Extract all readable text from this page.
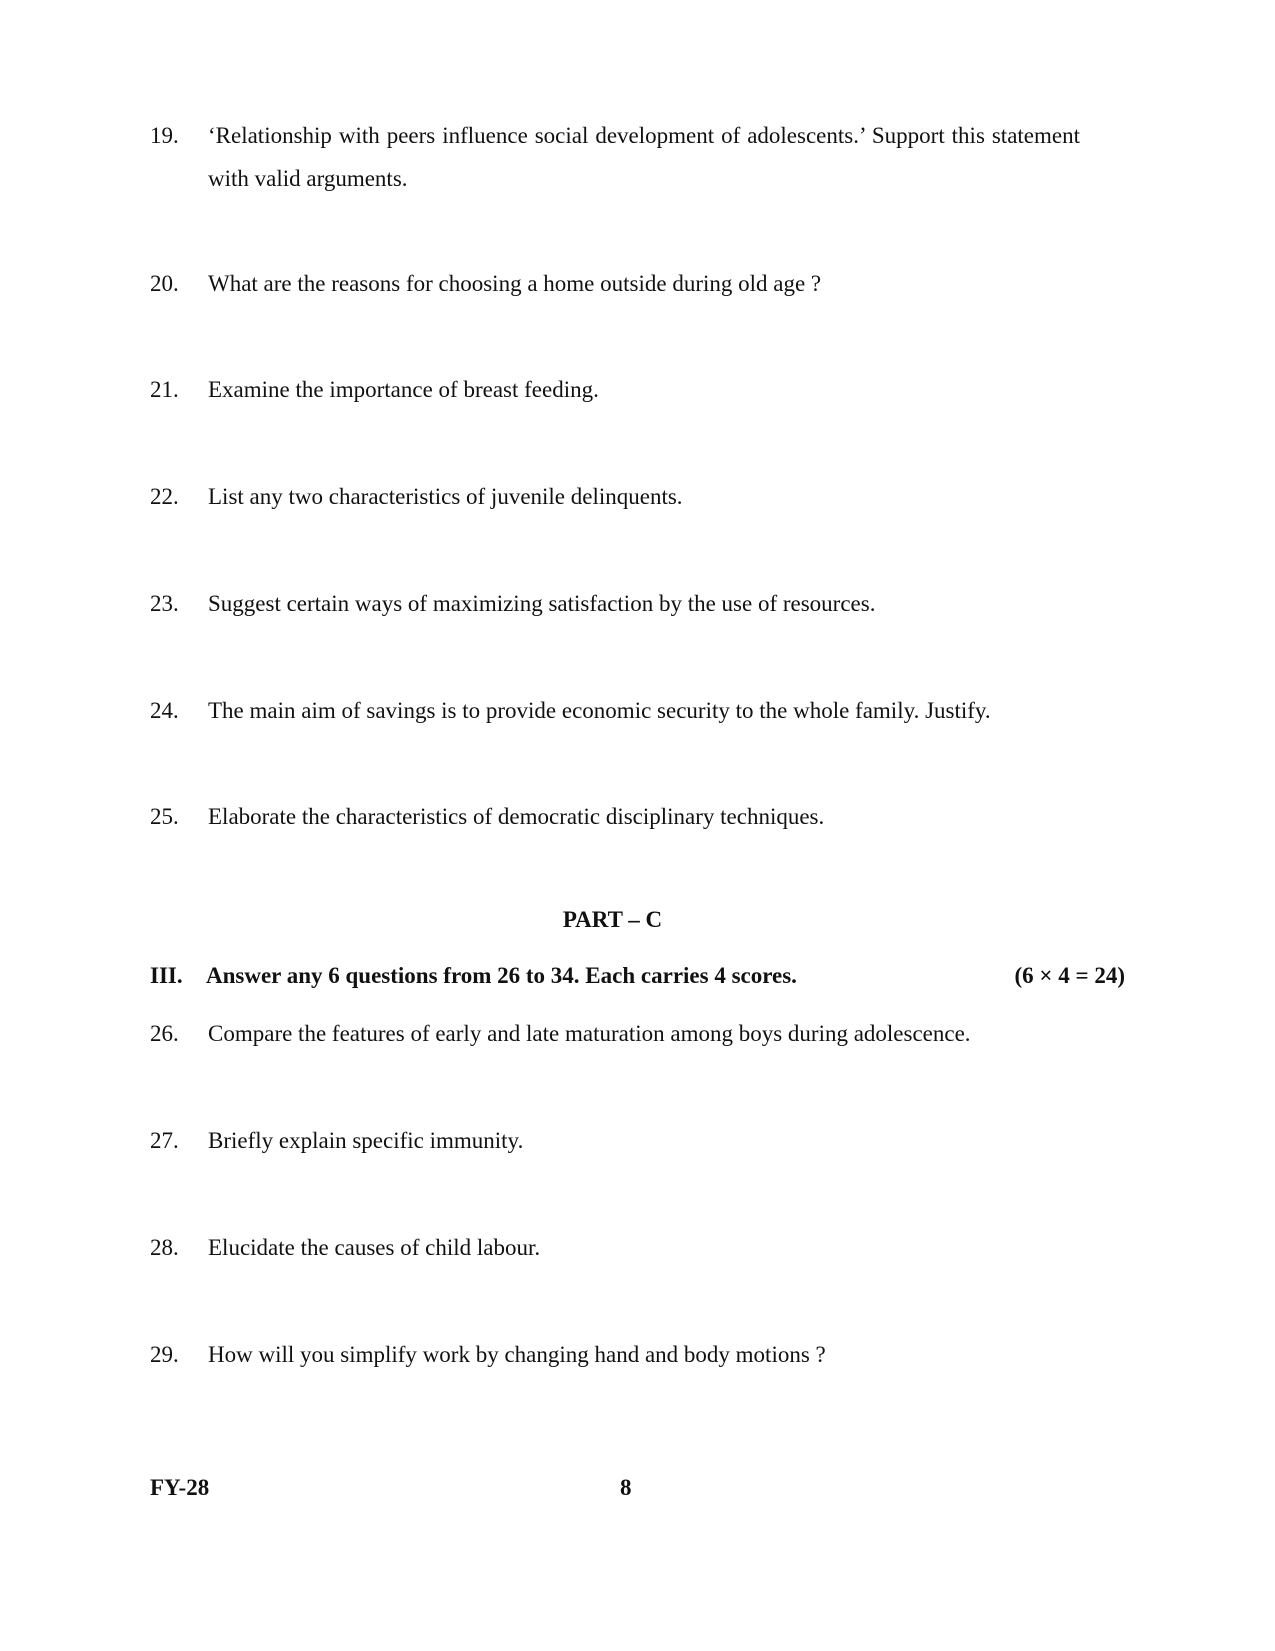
19.	‘Relationship with peers influence social development of adolescents.’ Support this statement with valid arguments.
20.	What are the reasons for choosing a home outside during old age ?
21.	Examine the importance of breast feeding.
22.	List any two characteristics of juvenile delinquents.
23.	Suggest certain ways of maximizing satisfaction by the use of resources.
24.	The main aim of savings is to provide economic security to the whole family. Justify.
25.	Elaborate the characteristics of democratic disciplinary techniques.
PART – C
III. Answer any 6 questions from 26 to 34. Each carries 4 scores.	(6 × 4 = 24)
26.	Compare the features of early and late maturation among boys during adolescence.
27.	Briefly explain specific immunity.
28.	Elucidate the causes of child labour.
29.	How will you simplify work by changing hand and body motions ?
FY-28	8
